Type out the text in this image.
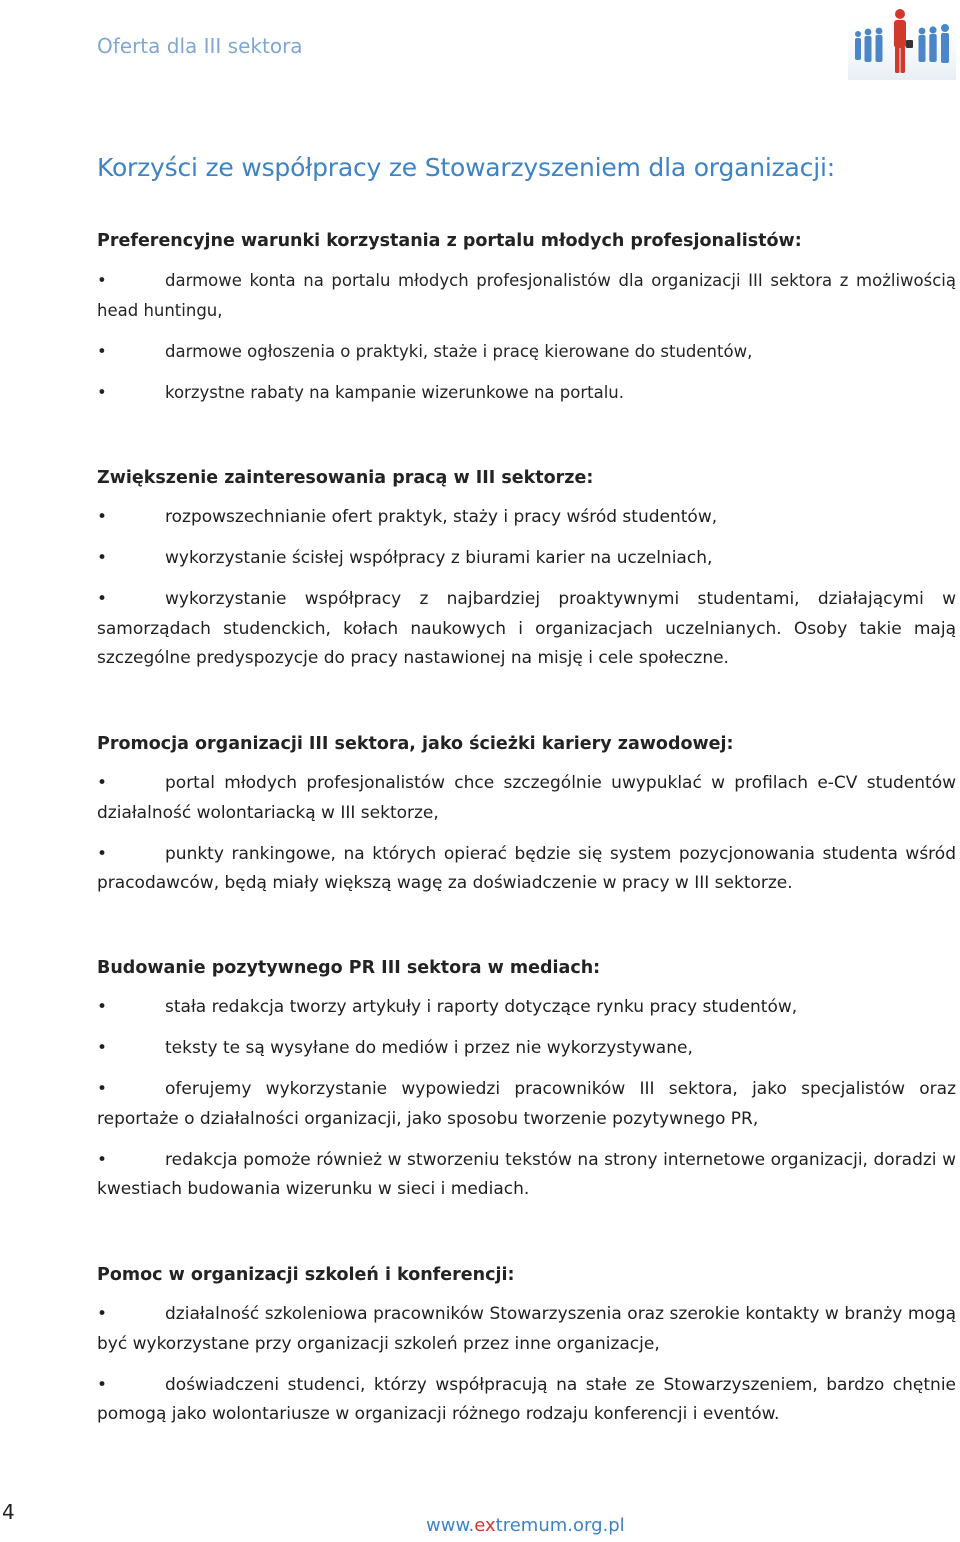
Oferta dla III sektora
Korzyści ze współpracy ze Stowarzyszeniem dla organizacji:

Preferencyjne warunki korzystania z portalu młodych profesjonalistów:

•	darmowe konta na portalu młodych profesjonalistów dla organizacji III sektora z możliwością head huntingu,

•	darmowe ogłoszenia o praktyki, staże i pracę kierowane do studentów,

•	korzystne rabaty na kampanie wizerunkowe na portalu.

Zwiększenie zainteresowania pracą w III sektorze:

•	rozpowszechnianie ofert praktyk, staży i pracy wśród studentów,

•	wykorzystanie ścisłej współpracy z biurami karier na uczelniach,

•	wykorzystanie współpracy z najbardziej proaktywnymi studentami, działającymi w samorządach studenckich, kołach naukowych i organizacjach uczelnianych. Osoby takie mają szczególne predyspozycje do pracy nastawionej na misję i cele społeczne.

Promocja organizacji III sektora, jako ścieżki kariery zawodowej:

•	portal młodych profesjonalistów chce szczególnie uwypuklać w profilach e-CV studentów działalność wolontariacką w III sektorze,

•	punkty rankingowe, na których opierać będzie się system pozycjonowania studenta wśród pracodawców, będą miały większą wagę za doświadczenie w pracy w III sektorze.

Budowanie pozytywnego PR III sektora w mediach:

•	stała redakcja tworzy artykuły i raporty dotyczące rynku pracy studentów,

•	teksty te są wysyłane do mediów i przez nie wykorzystywane,

•	oferujemy wykorzystanie wypowiedzi pracowników III sektora, jako specjalistów oraz reportaże o działalności organizacji, jako sposobu tworzenie pozytywnego PR,

•	redakcja pomoże również w stworzeniu tekstów na strony internetowe organizacji, doradzi w kwestiach budowania wizerunku w sieci i mediach.

Pomoc w organizacji szkoleń i konferencji:

•	działalność szkoleniowa pracowników Stowarzyszenia oraz szerokie kontakty w branży mogą być wykorzystane przy organizacji szkoleń przez inne organizacje,

•	doświadczeni studenci, którzy współpracują na stałe ze Stowarzyszeniem, bardzo chętnie pomogą jako wolontariusze w organizacji różnego rodzaju konferencji i eventów.

4
www.extremum.org.pl
